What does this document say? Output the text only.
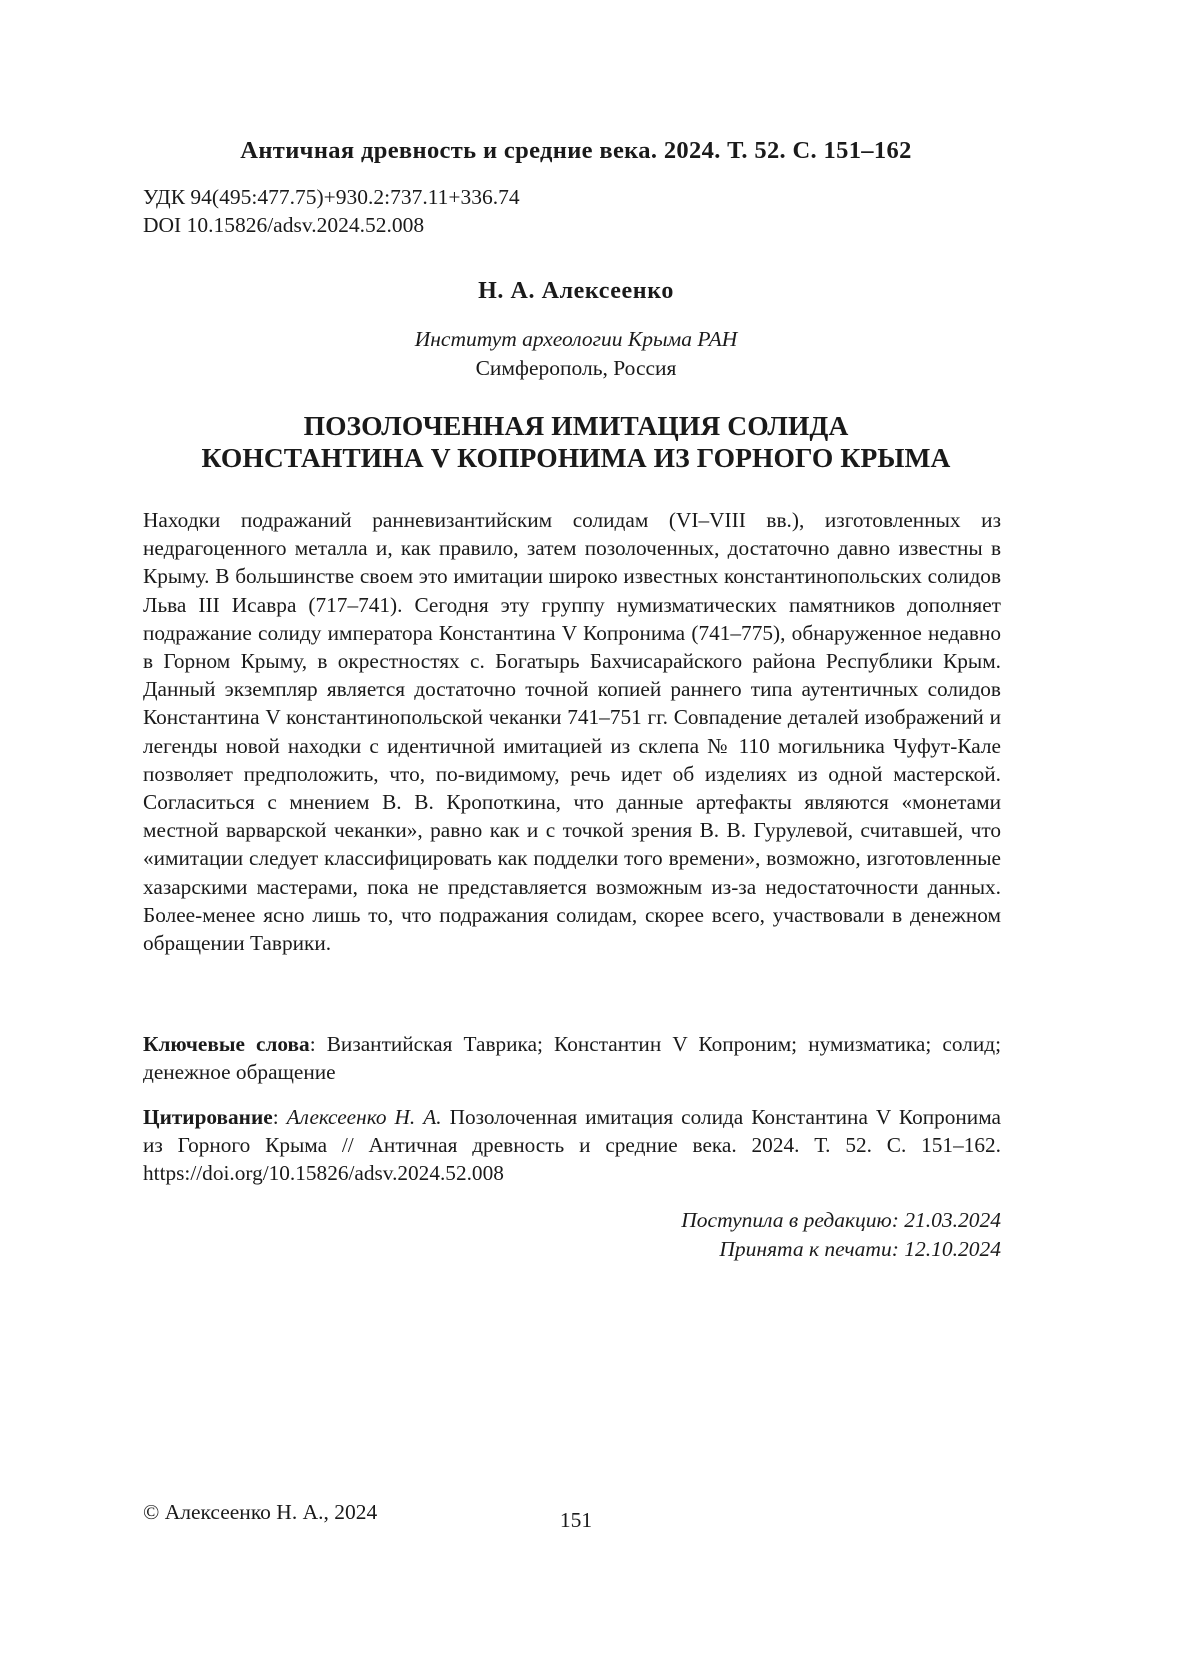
Античная древность и средние века. 2024. Т. 52. С. 151–162
УДК 94(495:477.75)+930.2:737.11+336.74
DOI 10.15826/adsv.2024.52.008
Н. А. Алексеенко
Институт археологии Крыма РАН
Симферополь, Россия
ПОЗОЛОЧЕННАЯ ИМИТАЦИЯ СОЛИДА
КОНСТАНТИНА V КОПРОНИМА ИЗ ГОРНОГО КРЫМА

Находки подражаний ранневизантийским солидам (VI–VIII вв.), изготовленных из недрагоценного металла и, как правило, затем позолоченных, достаточно давно известны в Крыму. В большинстве своем это имитации широко известных константинопольских солидов Льва III Исавра (717–741). Сегодня эту группу нумизматических памятников дополняет подражание солиду императора Константина V Копронима (741–775), обнаруженное недавно в Горном Крыму, в окрестностях с. Богатырь Бахчисарайского района Республики Крым. Данный экземпляр является достаточно точной копией раннего типа аутентичных солидов Константина V константинопольской чеканки 741–751 гг. Совпадение деталей изображений и легенды новой находки с идентичной имитацией из склепа № 110 могильника Чуфут-Кале позволяет предположить, что, по-видимому, речь идет об изделиях из одной мастерской. Согласиться с мнением В. В. Кропоткина, что данные артефакты являются «монетами местной варварской чеканки», равно как и с точкой зрения В. В. Гурулевой, считавшей, что «имитации следует классифицировать как подделки того времени», возможно, изготовленные хазарскими мастерами, пока не представляется возможным из-за недостаточности данных. Более-менее ясно лишь то, что подражания солидам, скорее всего, участвовали в денежном обращении Таврики.

Ключевые слова: Византийская Таврика; Константин V Копроним; нумизматика; солид; денежное обращение
Цитирование: Алексеенко Н. А. Позолоченная имитация солида Константина V Копронима из Горного Крыма // Античная древность и средние века. 2024. Т. 52. С. 151–162. https://doi.org/10.15826/adsv.2024.52.008
Поступила в редакцию: 21.03.2024
Принята к печати: 12.10.2024
© Алексеенко Н. А., 2024	151
